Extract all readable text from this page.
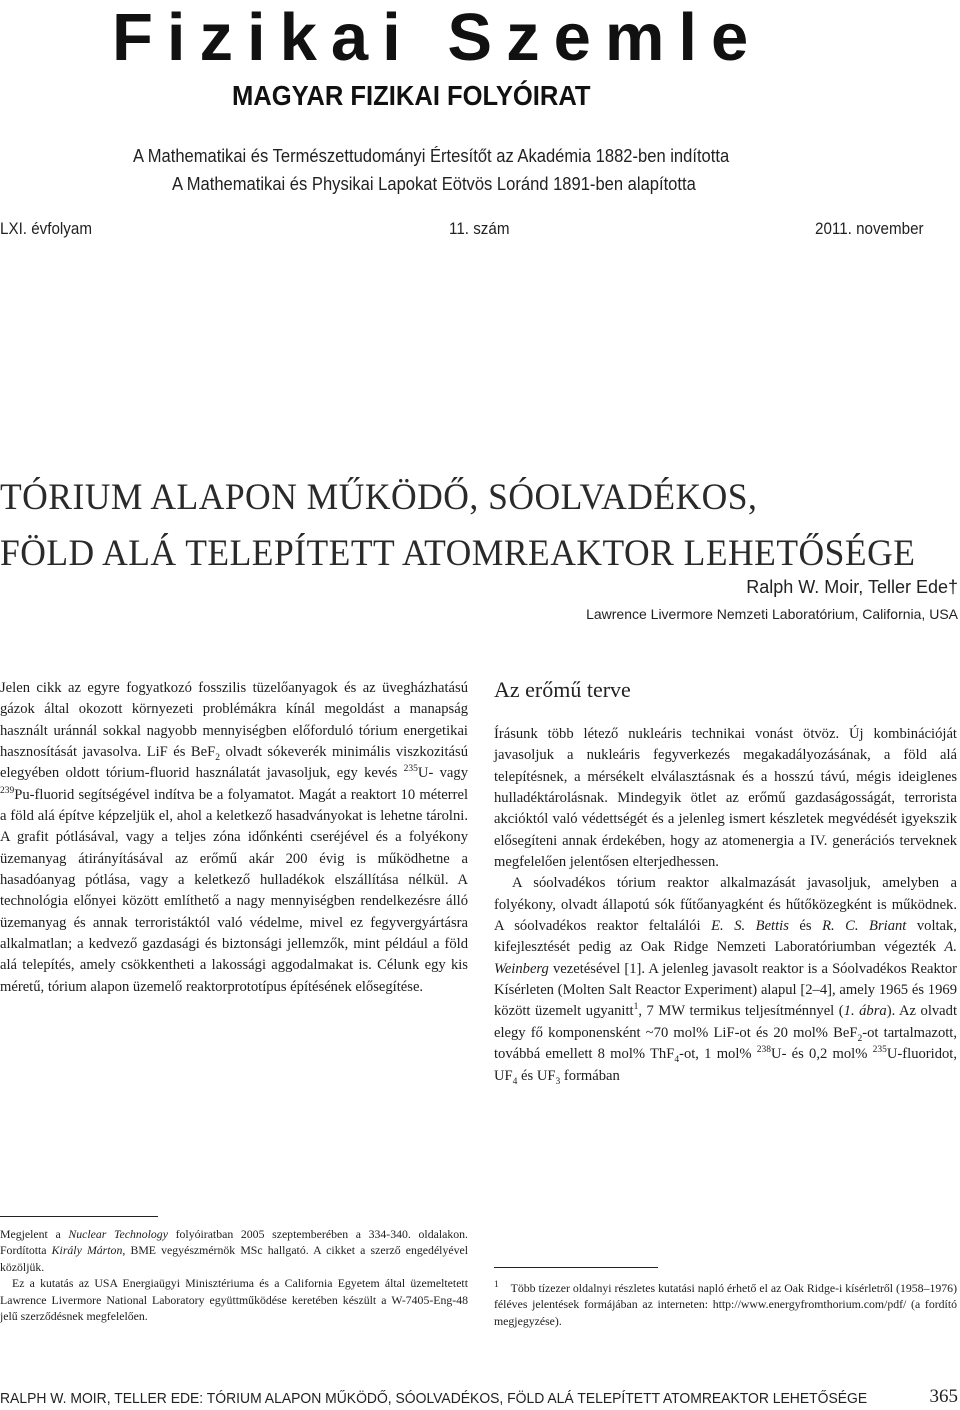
Fizikai Szemle
MAGYAR FIZIKAI FOLYÓIRAT
A Mathematikai és Természettudományi Értesítőt az Akadémia 1882-ben indította
A Mathematikai és Physikai Lapokat Eötvös Loránd 1891-ben alapította
LXI. évfolyam	11. szám	2011. november
TÓRIUM ALAPON MŰKÖDŐ, SÓOLVADÉKOS,
FÖLD ALÁ TELEPÍTETT ATOMREAKTOR LEHETŐSÉGE
Ralph W. Moir, Teller Ede†
Lawrence Livermore Nemzeti Laboratórium, California, USA

Jelen cikk az egyre fogyatkozó fosszilis tüzelőanyagok és az üvegházhatású gázok által okozott környezeti problémákra kínál megoldást a manapság használt uránnál sokkal nagyobb mennyiségben előforduló tórium energetikai hasznosítását javasolva. LiF és BeF$_2$ olvadt sókeverék minimális viszkozitású elegyében oldott tórium-fluorid használatát javasoljuk, egy kevés $^{235}$U- vagy $^{239}$Pu-fluorid segítségével indítva be a folyamatot. Magát a reaktort 10 méterrel a föld alá építve képzeljük el, ahol a keletkező hasadványokat is lehetne tárolni. A grafit pótlásával, vagy a teljes zóna időnkénti cseréjével és a folyékony üzemanyag átirányításával az erőmű akár 200 évig is működhetne a hasadóanyag pótlása, vagy a keletkező hulladékok elszállítása nélkül. A technológia előnyei között említhető a nagy mennyiségben rendelkezésre álló üzemanyag és annak terroristáktól való védelme, mivel ez fegyvergyártásra alkalmatlan; a kedvező gazdasági és biztonsági jellemzők, mint például a föld alá telepítés, amely csökkentheti a lakossági aggodalmakat is. Célunk egy kis méretű, tórium alapon üzemelő reaktorprototípus építésének elősegítése.

Megjelent a Nuclear Technology folyóiratban 2005 szeptemberében a 334-340. oldalakon. Fordította Király Márton, BME vegyészmérnök MSc hallgató. A cikket a szerző engedélyével közöljük.

Ez a kutatás az USA Energiaügyi Minisztériuma és a California Egyetem által üzemeltetett Lawrence Livermore National Laboratory együttműködése keretében készült a W-7405-Eng-48 jelű szerződésnek megfelelően.

Az erőmű terve

Írásunk több létező nukleáris technikai vonást ötvöz. Új kombinációját javasoljuk a nukleáris fegyverkezés megakadályozásának, a föld alá telepítésnek, a mérsékelt elválasztásnak és a hosszú távú, mégis ideiglenes hulladéktárolásnak. Mindegyik ötlet az erőmű gazdaságosságát, terrorista akcióktól való védettségét és a jelenleg ismert készletek megvédését igyekszik elősegíteni annak érdekében, hogy az atomenergia a IV. generációs terveknek megfelelően jelentősen elterjedhessen.

A sóolvadékos tórium reaktor alkalmazását javasoljuk, amelyben a folyékony, olvadt állapotú sók fűtőanyagként és hűtőközegként is működnek. A sóolvadékos reaktor feltalálói E. S. Bettis és R. C. Briant voltak, kifejlesztését pedig az Oak Ridge Nemzeti Laboratóriumban végezték A. Weinberg vezetésével [1]. A jelenleg javasolt reaktor is a Sóolvadékos Reaktor Kísérleten (Molten Salt Reactor Experiment) alapul [2–4], amely 1965 és 1969 között üzemelt ugyanitt$^1$, 7 MW termikus teljesítménnyel (1. ábra). Az olvadt elegy fő komponensként ~70 mol% LiF-ot és 20 mol% BeF$_2$-ot tartalmazott, továbbá emellett 8 mol% ThF$_4$-ot, 1 mol% $^{238}$U- és 0,2 mol% $^{235}$U-fluoridot, $UF_4$ és $UF_3$ formában

$^1$ Több tízezer oldalnyi részletes kutatási napló érhető el az Oak Ridge-i kísérletről (1958–1976) féléves jelentések formájában az interneten: http://www.energyfromthorium.com/pdf/ (a fordító megjegyzése).

RALPH W. MOIR, TELLER EDE: TÓRIUM ALAPON MŰKÖDŐ, SÓOLVADÉKOS, FÖLD ALÁ TELEPÍTETT ATOMREAKTOR LEHETŐSÉGE	365
